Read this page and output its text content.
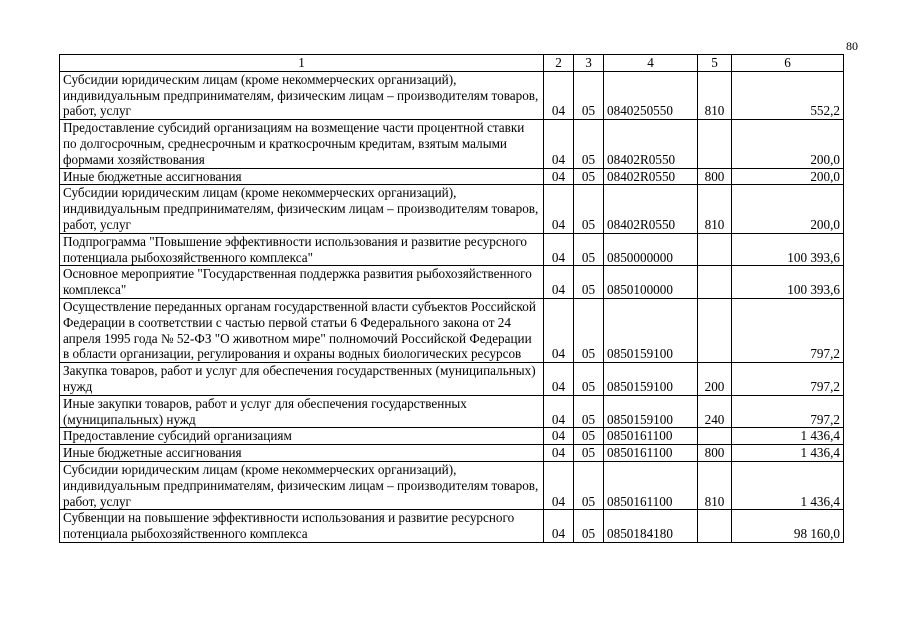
80
1	2	3	4	5	6
Субсидии юридическим лицам (кроме некоммерческих организаций), индивидуальным предпринимателям, физическим лицам – производителям товаров, работ, услуг	04	05	0840250550	810	552,2
Предоставление субсидий организациям на возмещение части процентной ставки по долгосрочным, среднесрочным и краткосрочным кредитам, взятым малыми формами хозяйствования	04	05	08402R0550		200,0
Иные бюджетные ассигнования	04	05	08402R0550	800	200,0
Субсидии юридическим лицам (кроме некоммерческих организаций), индивидуальным предпринимателям, физическим лицам – производителям товаров, работ, услуг	04	05	08402R0550	810	200,0
Подпрограмма "Повышение эффективности использования и развитие ресурсного потенциала рыбохозяйственного комплекса"	04	05	0850000000		100 393,6
Основное мероприятие "Государственная поддержка развития рыбохозяйственного комплекса"	04	05	0850100000		100 393,6
Осуществление переданных органам государственной власти субъектов Российской Федерации в соответствии с частью первой статьи 6 Федерального закона от 24 апреля 1995 года № 52-ФЗ "О животном мире" полномочий Российской Федерации в области организации, регулирования и охраны водных биологических ресурсов	04	05	0850159100		797,2
Закупка товаров, работ и услуг для обеспечения государственных (муниципальных) нужд	04	05	0850159100	200	797,2
Иные закупки товаров, работ и услуг для обеспечения государственных (муниципальных) нужд	04	05	0850159100	240	797,2
Предоставление субсидий организациям	04	05	0850161100		1 436,4
Иные бюджетные ассигнования	04	05	0850161100	800	1 436,4
Субсидии юридическим лицам (кроме некоммерческих организаций), индивидуальным предпринимателям, физическим лицам – производителям товаров, работ, услуг	04	05	0850161100	810	1 436,4
Субвенции на повышение эффективности использования и развитие ресурсного потенциала рыбохозяйственного комплекса	04	05	0850184180		98 160,0
